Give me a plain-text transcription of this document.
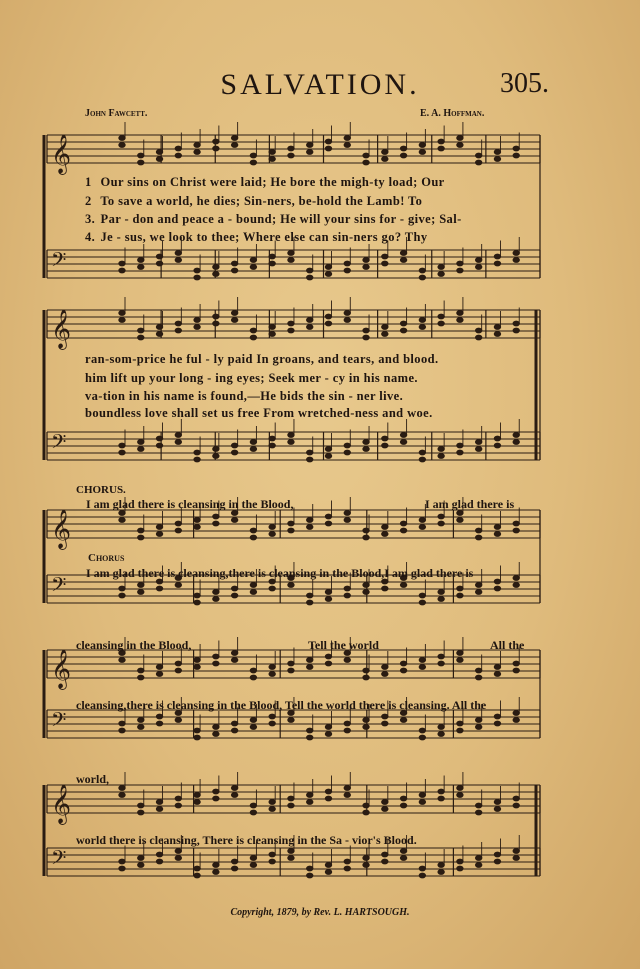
SALVATION.	305.
John Fawcett.	E. A. Hoffman.
𝄞
𝄢
𝄞
𝄢
𝄞
𝄢
𝄞
𝄢
𝄞
𝄢
1 Our sins on Christ were laid; He bore the migh-ty load; Our
2 To save a world, he dies; Sin-ners, be-hold the Lamb! To
3. Par - don and peace a - bound; He will your sins for - give; Sal-
4. Je - sus, we look to thee; Where else can sin-ners go? Thy
ran-som-price he ful - ly paid In groans, and tears, and blood.
him lift up your long - ing eyes; Seek mer - cy in his name.
va-tion in his name is found,—He bids the sin - ner live.
boundless love shall set us free From wretched-ness and woe.
CHORUS.
I am glad there is cleansing in the Blood,	I am glad there is
Chorus
I am glad there is cleansing,there is cleansing in the Blood,I am glad there is
cleansing in the Blood,	Tell the world	All the
cleansing,there is cleansing in the Blood, Tell the world there is cleansing. All the
world,
world there is cleansing, There is cleansing in the Sa - vior's Blood.
Copyright, 1879, by Rev. L. HARTSOUGH.
